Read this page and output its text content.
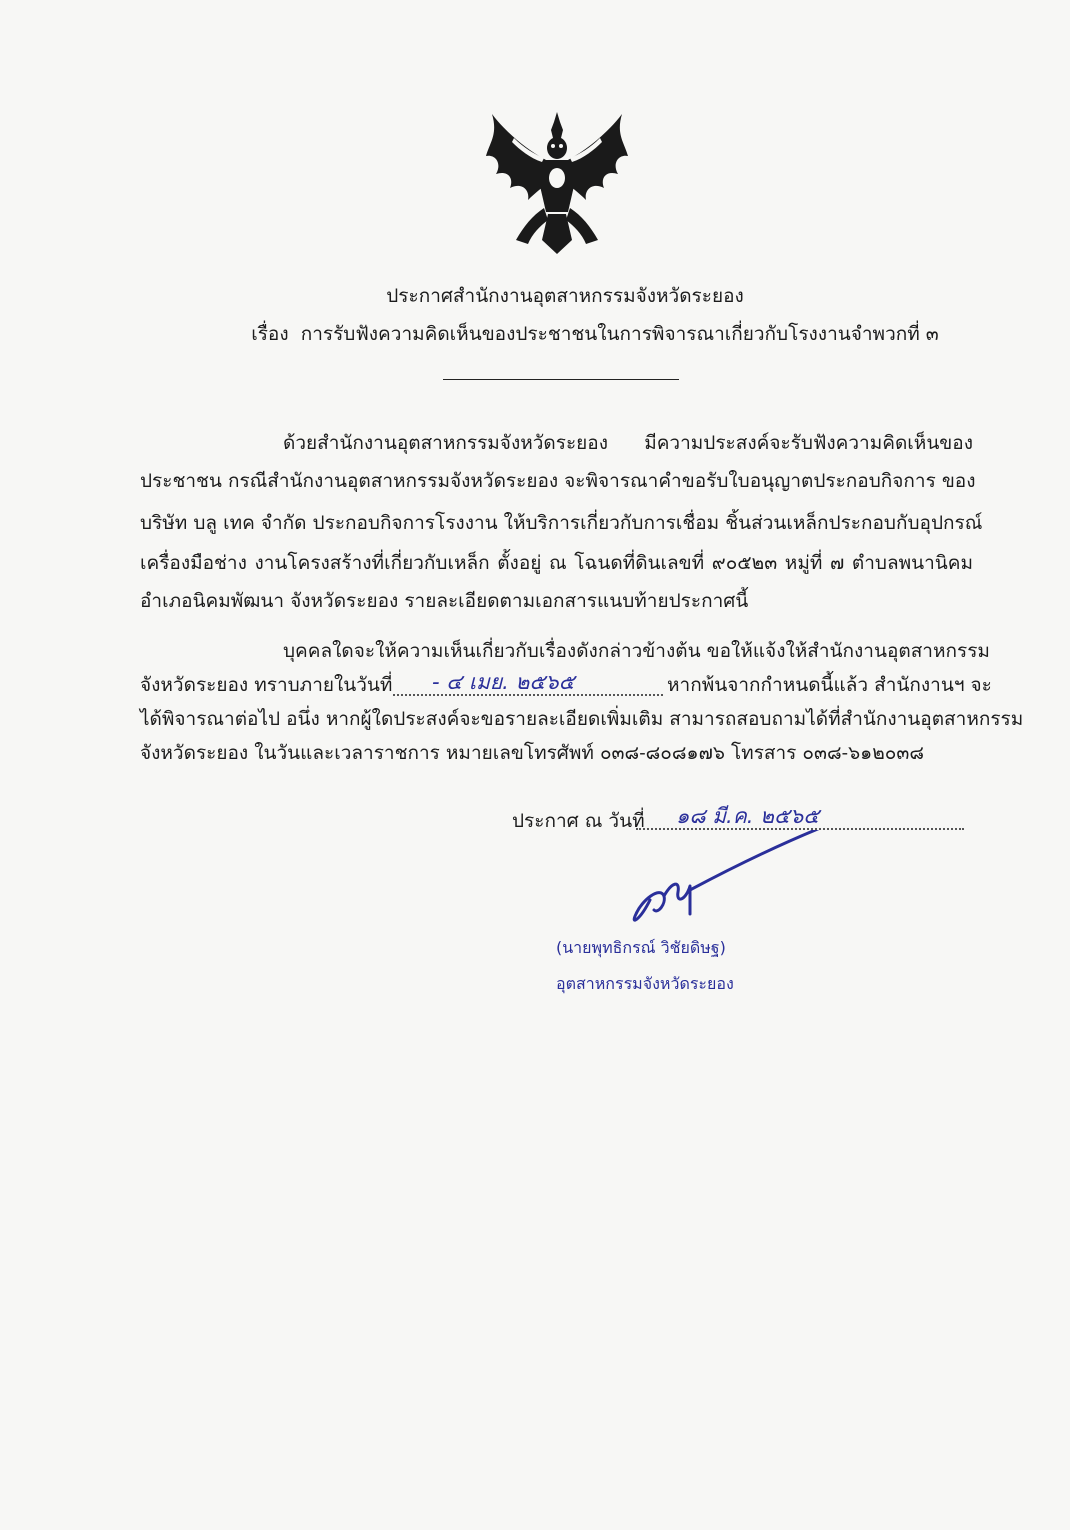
ประกาศสำนักงานอุตสาหกรรมจังหวัดระยอง
เรื่อง การรับฟังความคิดเห็นของประชาชนในการพิจารณาเกี่ยวกับโรงงานจำพวกที่ ๓
ด้วยสำนักงานอุตสาหกรรมจังหวัดระยอง มีความประสงค์จะรับฟังความคิดเห็นของ
ประชาชน กรณีสำนักงานอุตสาหกรรมจังหวัดระยอง จะพิจารณาคำขอรับใบอนุญาตประกอบกิจการ ของ
บริษัท บลู เทค จำกัด ประกอบกิจการโรงงาน ให้บริการเกี่ยวกับการเชื่อม ชิ้นส่วนเหล็กประกอบกับอุปกรณ์
เครื่องมือช่าง งานโครงสร้างที่เกี่ยวกับเหล็ก ตั้งอยู่ ณ โฉนดที่ดินเลขที่ ๙๐๕๒๓ หมู่ที่ ๗ ตำบลพนานิคม
อำเภอนิคมพัฒนา จังหวัดระยอง รายละเอียดตามเอกสารแนบท้ายประกาศนี้
บุคคลใดจะให้ความเห็นเกี่ยวกับเรื่องดังกล่าวข้างต้น ขอให้แจ้งให้สำนักงานอุตสาหกรรม
จังหวัดระยอง ทราบภายในวันที่ - ๔ เมย. ๒๕๖๕	หากพ้นจากกำหนดนี้แล้ว สำนักงานฯ จะ
ได้พิจารณาต่อไป อนึ่ง หากผู้ใดประสงค์จะขอรายละเอียดเพิ่มเติม สามารถสอบถามได้ที่สำนักงานอุตสาหกรรม
จังหวัดระยอง ในวันและเวลาราชการ หมายเลขโทรศัพท์ ๐๓๘-๘๐๘๑๗๖ โทรสาร ๐๓๘-๖๑๒๐๓๘
ประกาศ ณ วันที่ ๑๘ มี.ค. ๒๕๖๕
(นายพุทธิกรณ์ วิชัยดิษฐ)
อุตสาหกรรมจังหวัดระยอง
